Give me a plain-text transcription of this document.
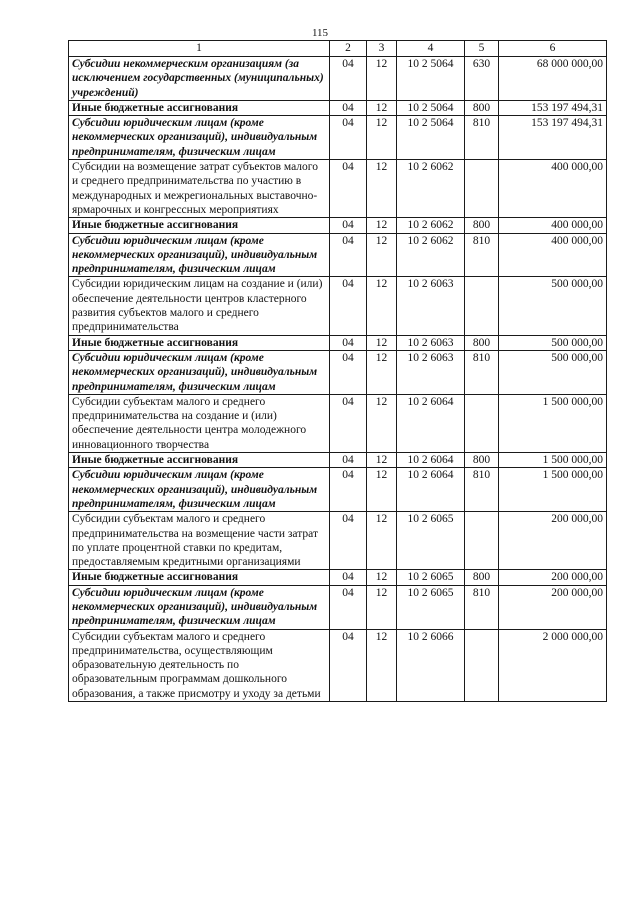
115
1	2	3	4	5	6
Субсидии некоммерческим организациям (за исключением государственных (муниципальных) учреждений)	04	12	10 2 5064	630	68 000 000,00
Иные бюджетные ассигнования	04	12	10 2 5064	800	153 197 494,31
Субсидии юридическим лицам (кроме некоммерческих организаций), индивидуальным предпринимателям, физическим лицам	04	12	10 2 5064	810	153 197 494,31
Субсидии на возмещение затрат субъектов малого и среднего предпринимательства по участию в международных и межрегиональных выставочно-ярмарочных и конгрессных мероприятиях	04	12	10 2 6062		400 000,00
Иные бюджетные ассигнования	04	12	10 2 6062	800	400 000,00
Субсидии юридическим лицам (кроме некоммерческих организаций), индивидуальным предпринимателям, физическим лицам	04	12	10 2 6062	810	400 000,00
Субсидии юридическим лицам на создание и (или) обеспечение деятельности центров кластерного развития субъектов малого и среднего предпринимательства	04	12	10 2 6063		500 000,00
Иные бюджетные ассигнования	04	12	10 2 6063	800	500 000,00
Субсидии юридическим лицам (кроме некоммерческих организаций), индивидуальным предпринимателям, физическим лицам	04	12	10 2 6063	810	500 000,00
Субсидии субъектам малого и среднего предпринимательства на создание и (или) обеспечение деятельности центра молодежного инновационного творчества	04	12	10 2 6064		1 500 000,00
Иные бюджетные ассигнования	04	12	10 2 6064	800	1 500 000,00
Субсидии юридическим лицам (кроме некоммерческих организаций), индивидуальным предпринимателям, физическим лицам	04	12	10 2 6064	810	1 500 000,00
Субсидии субъектам малого и среднего предпринимательства на возмещение части затрат по уплате процентной ставки по кредитам, предоставляемым кредитными организациями	04	12	10 2 6065		200 000,00
Иные бюджетные ассигнования	04	12	10 2 6065	800	200 000,00
Субсидии юридическим лицам (кроме некоммерческих организаций), индивидуальным предпринимателям, физическим лицам	04	12	10 2 6065	810	200 000,00
Субсидии субъектам малого и среднего предпринимательства, осуществляющим образовательную деятельность по образовательным программам дошкольного образования, а также присмотру и уходу за детьми	04	12	10 2 6066		2 000 000,00
